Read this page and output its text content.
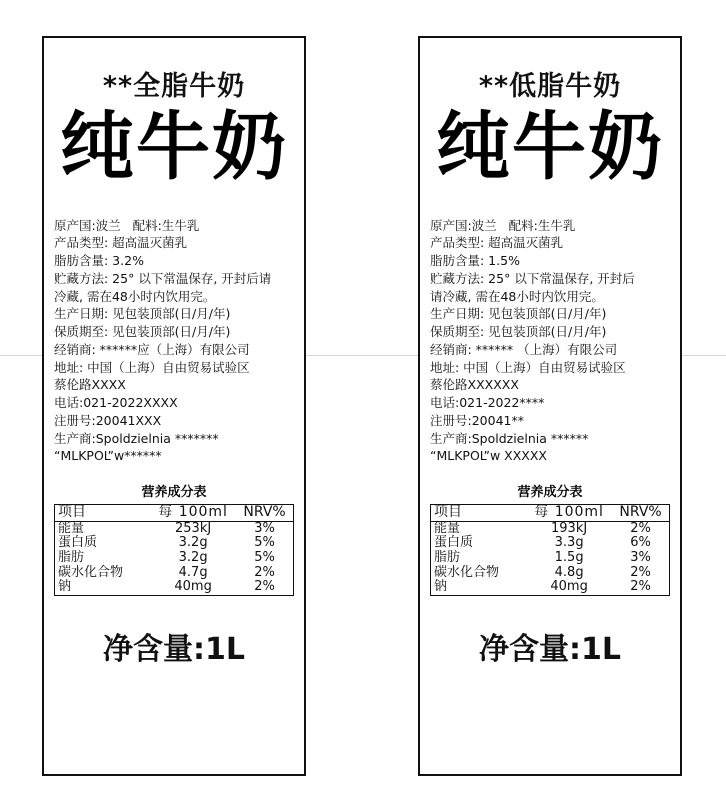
**全脂牛奶
纯牛奶
原产国:波兰   配料:生牛乳
产品类型: 超高温灭菌乳
脂肪含量: 3.2%
贮藏方法: 25° 以下常温保存, 开封后请
冷藏, 需在48小时内饮用完。
生产日期: 见包装顶部(日/月/年)
保质期至: 见包装顶部(日/月/年)
经销商: ******应（上海）有限公司
地址: 中国（上海）自由贸易试验区
蔡伦路XXXX
电话:021-2022XXXX
注册号:20041XXX
生产商:Spoldzielnia *******
“MLKPOL”w******
营养成分表
项目	每 100ml	NRV%
能量	253kJ	3%
蛋白质	3.2g	5%
脂肪	3.2g	5%
碳水化合物	4.7g	2%
钠	40mg	2%
净含量:1L
**低脂牛奶
纯牛奶
原产国:波兰   配料:生牛乳
产品类型: 超高温灭菌乳
脂肪含量: 1.5%
贮藏方法: 25° 以下常温保存, 开封后
请冷藏, 需在48小时内饮用完。
生产日期: 见包装顶部(日/月/年)
保质期至: 见包装顶部(日/月/年)
经销商: ****** （上海）有限公司
地址: 中国（上海）自由贸易试验区
蔡伦路XXXXXX
电话:021-2022****
注册号:20041**
生产商:Spoldzielnia ******
“MLKPOL”w XXXXX
营养成分表
项目	每 100ml	NRV%
能量	193kJ	2%
蛋白质	3.3g	6%
脂肪	1.5g	3%
碳水化合物	4.8g	2%
钠	40mg	2%
净含量:1L
